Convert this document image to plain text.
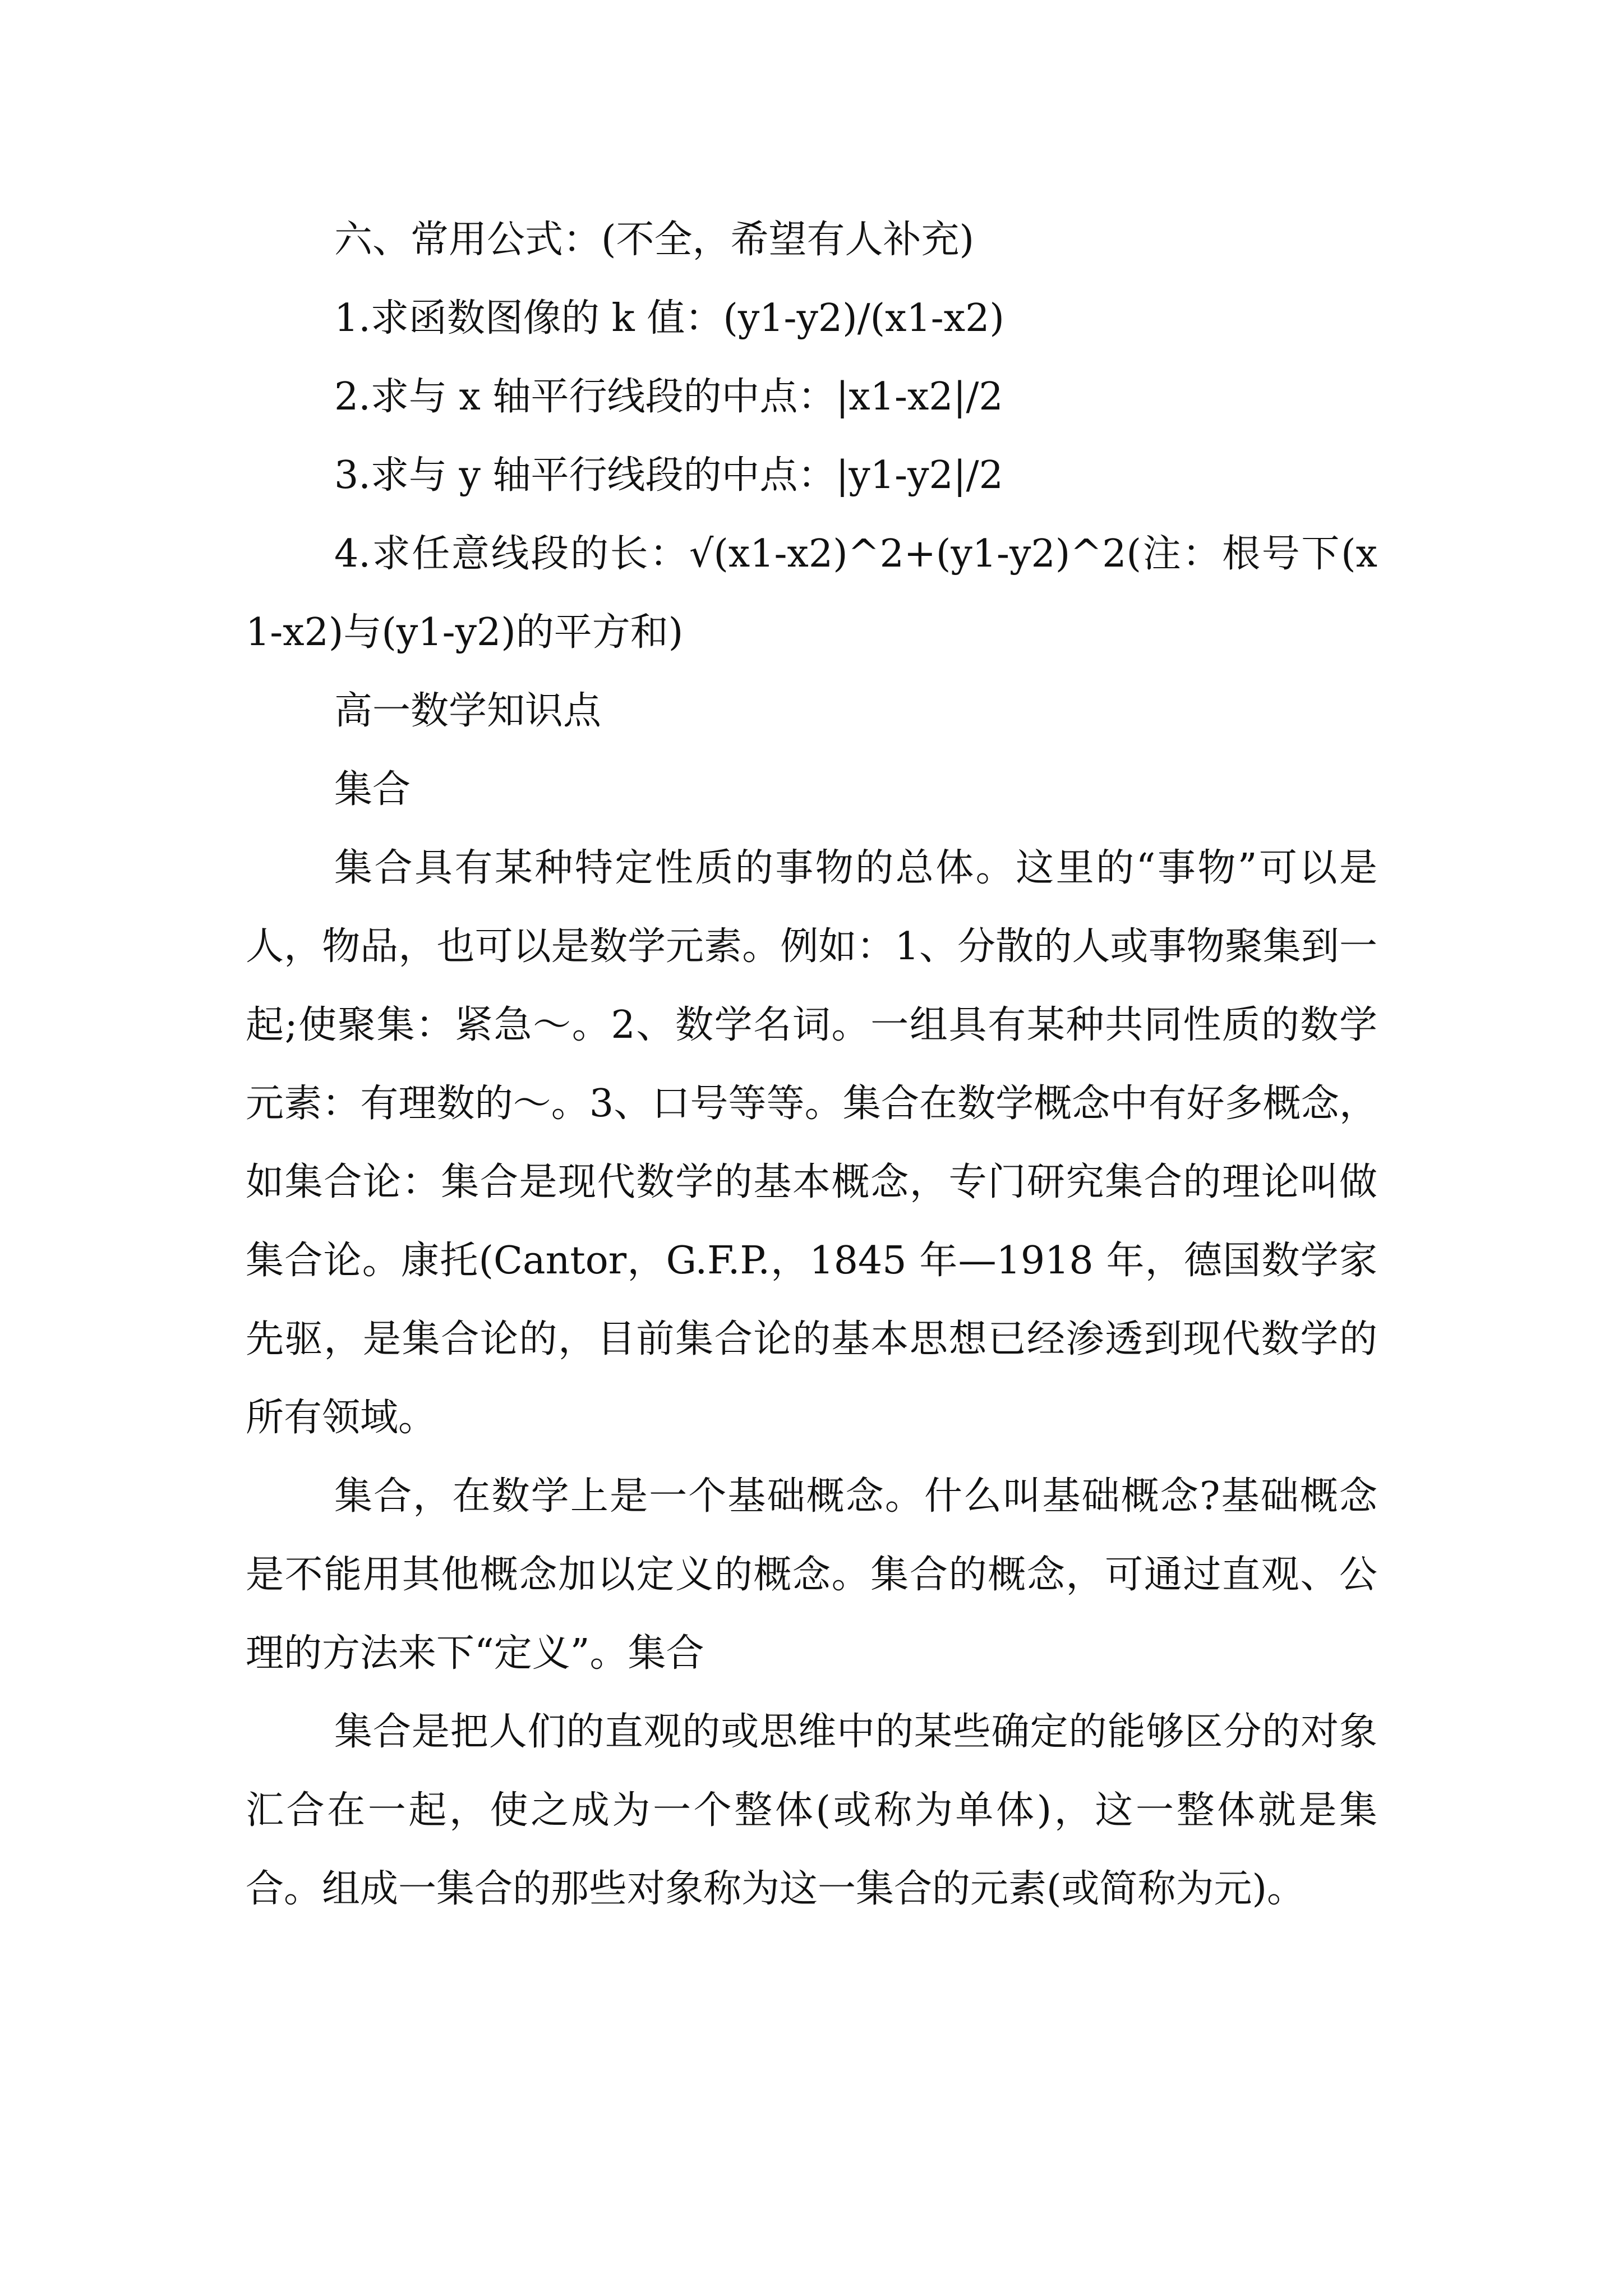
六、常用公式：(不全，希望有人补充)

1.求函数图像的 k 值：(y1-y2)/(x1-x2)

2.求与 x 轴平行线段的中点：|x1-x2|/2

3.求与 y 轴平行线段的中点：|y1-y2|/2

4.求任意线段的长：√(x1-x2)^2+(y1-y2)^2(注：根号下(x1-x2)与(y1-y2)的平方和)

高一数学知识点

集合

集合具有某种特定性质的事物的总体。这里的“事物”可以是人，物品，也可以是数学元素。例如：1、分散的人或事物聚集到一起;使聚集：紧急～。2、数学名词。一组具有某种共同性质的数学元素：有理数的～。3、口号等等。集合在数学概念中有好多概念，如集合论：集合是现代数学的基本概念，专门研究集合的理论叫做集合论。康托(Cantor，G.F.P.，1845 年—1918 年，德国数学家先驱，是集合论的，目前集合论的基本思想已经渗透到现代数学的所有领域。

集合，在数学上是一个基础概念。什么叫基础概念?基础概念是不能用其他概念加以定义的概念。集合的概念，可通过直观、公理的方法来下“定义”。集合

集合是把人们的直观的或思维中的某些确定的能够区分的对象汇合在一起，使之成为一个整体(或称为单体)，这一整体就是集合。组成一集合的那些对象称为这一集合的元素(或简称为元)。
